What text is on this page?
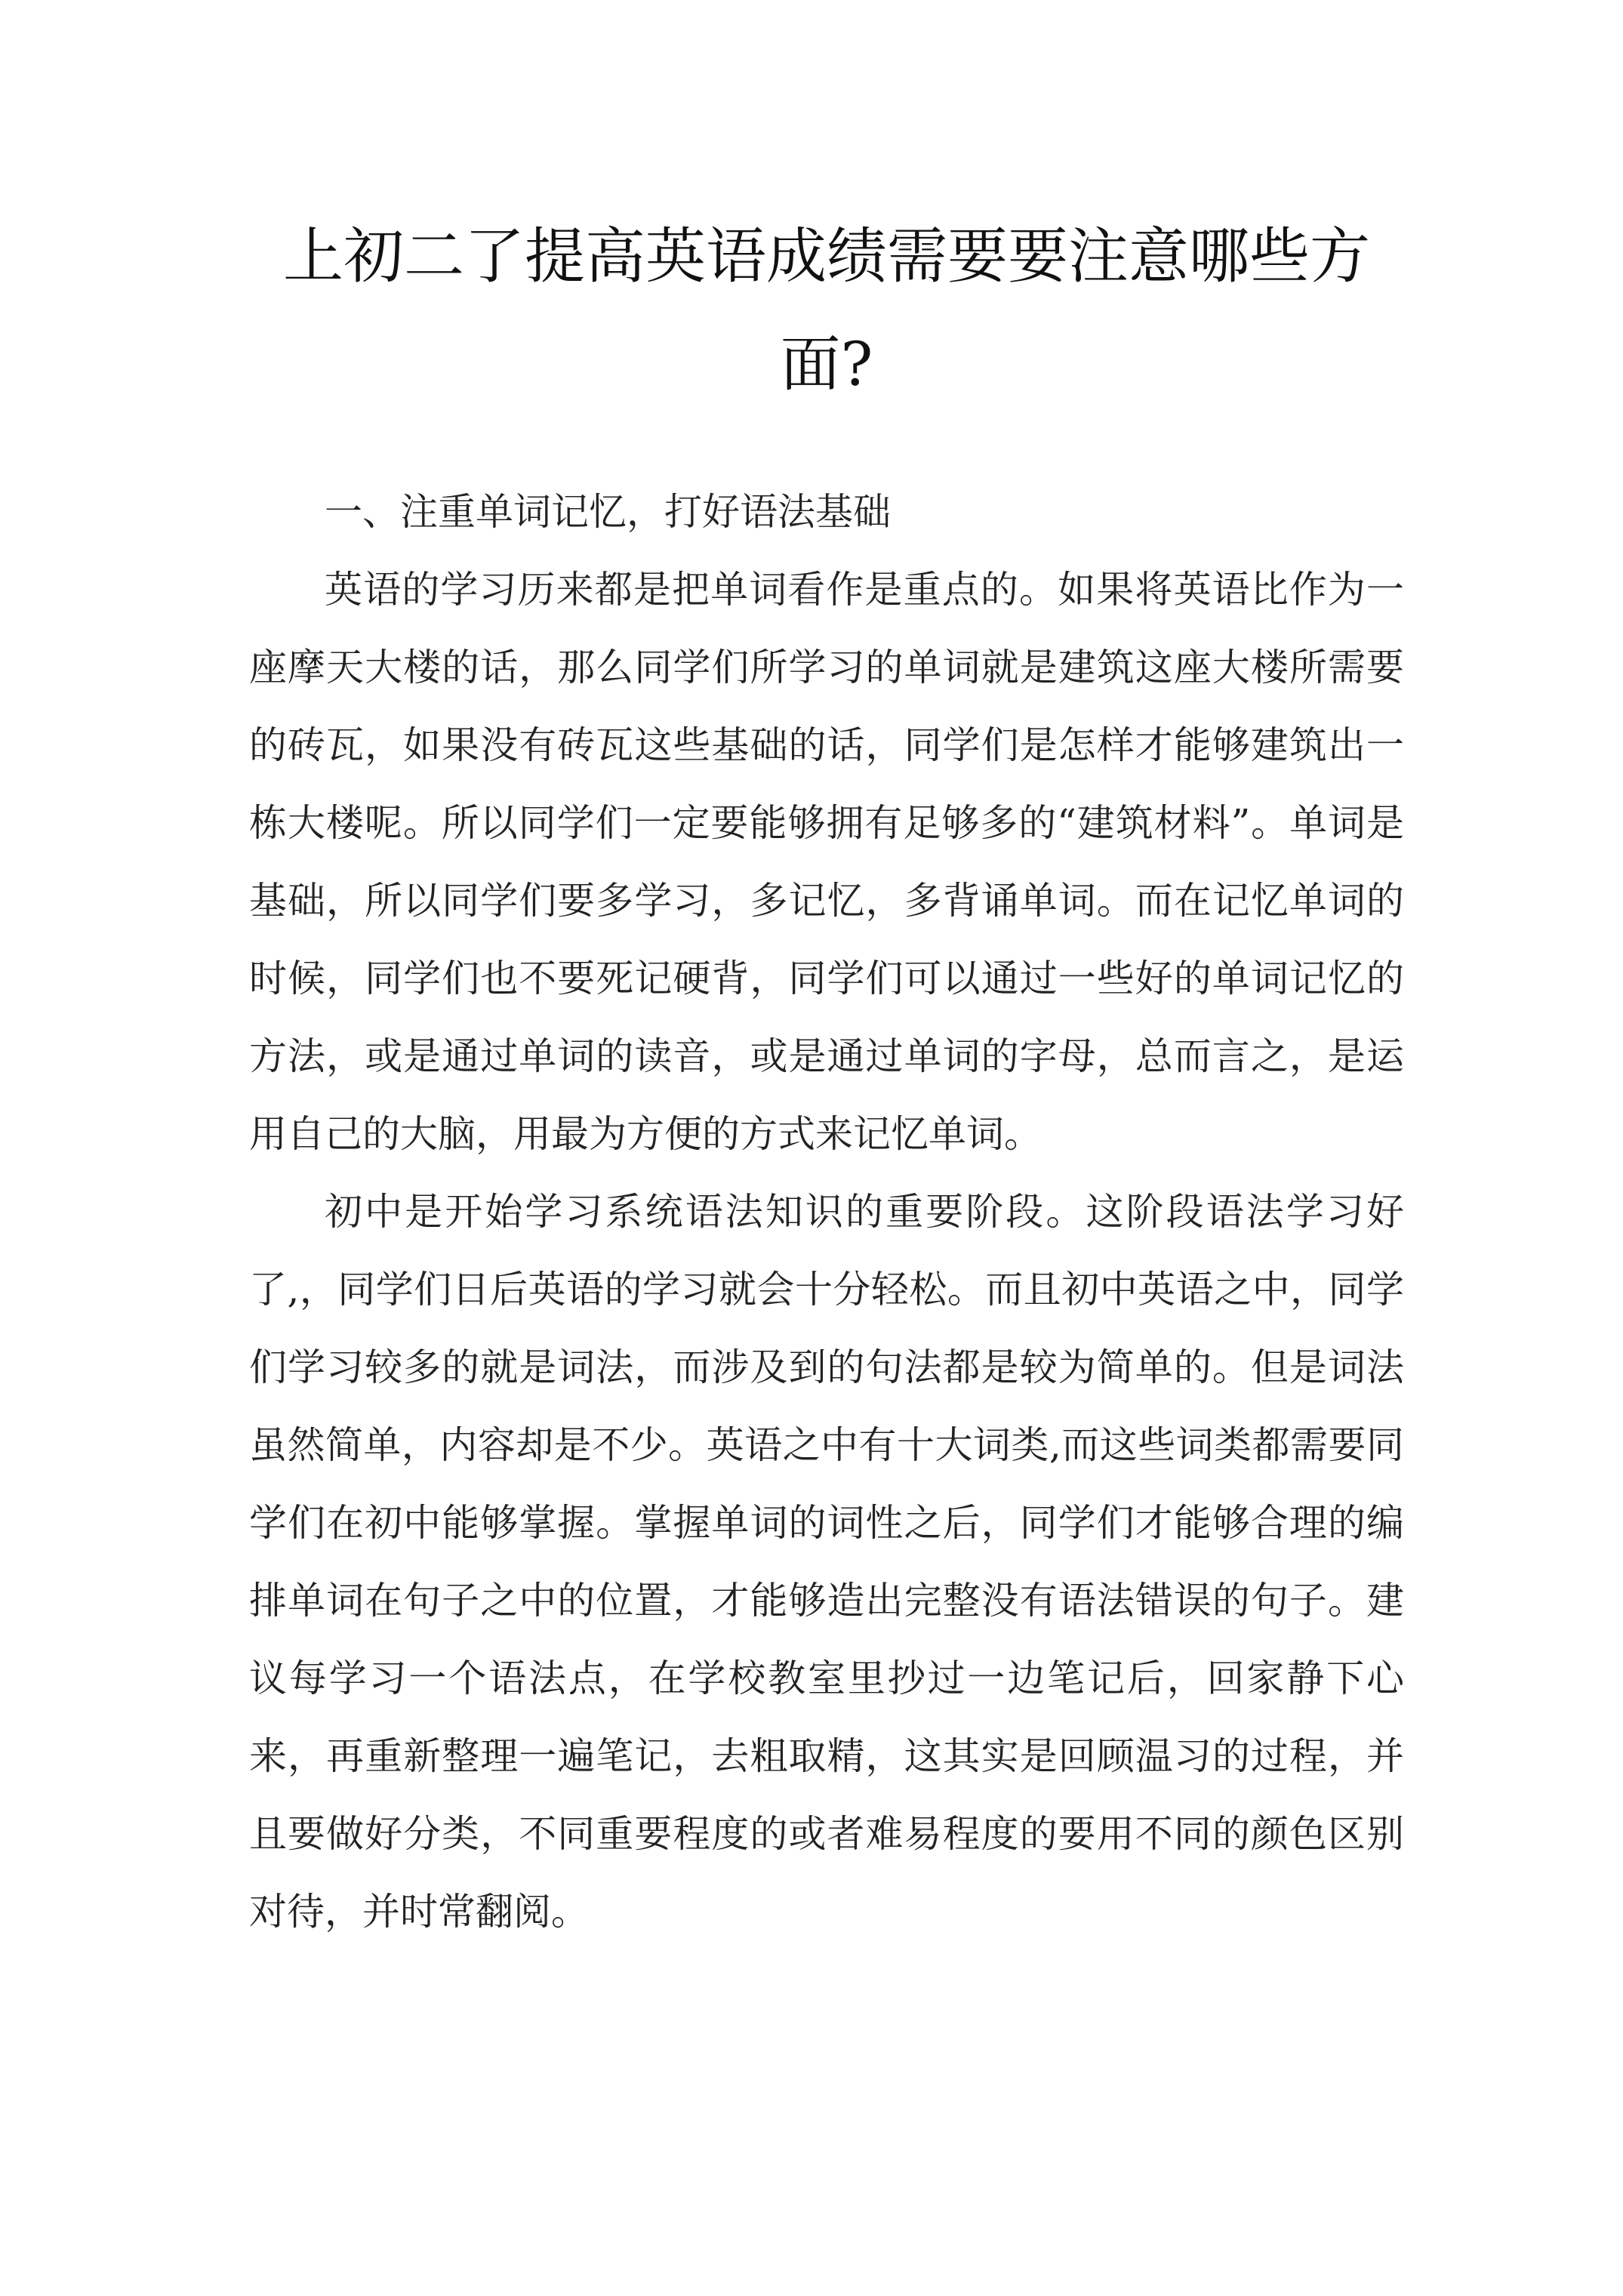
上初二了提高英语成绩需要要注意哪些方面?

一、注重单词记忆，打好语法基础

英语的学习历来都是把单词看作是重点的。如果将英语比作为一座摩天大楼的话，那么同学们所学习的单词就是建筑这座大楼所需要的砖瓦，如果没有砖瓦这些基础的话，同学们是怎样才能够建筑出一栋大楼呢。所以同学们一定要能够拥有足够多的“建筑材料”。单词是基础，所以同学们要多学习，多记忆，多背诵单词。而在记忆单词的时候，同学们也不要死记硬背，同学们可以通过一些好的单词记忆的方法，或是通过单词的读音，或是通过单词的字母，总而言之，是运用自己的大脑，用最为方便的方式来记忆单词。

初中是开始学习系统语法知识的重要阶段。这阶段语法学习好了,，同学们日后英语的学习就会十分轻松。而且初中英语之中，同学们学习较多的就是词法，而涉及到的句法都是较为简单的。但是词法虽然简单，内容却是不少。英语之中有十大词类,而这些词类都需要同学们在初中能够掌握。掌握单词的词性之后，同学们才能够合理的编排单词在句子之中的位置，才能够造出完整没有语法错误的句子。建议每学习一个语法点，在学校教室里抄过一边笔记后，回家静下心来，再重新整理一遍笔记，去粗取精，这其实是回顾温习的过程，并且要做好分类，不同重要程度的或者难易程度的要用不同的颜色区别对待，并时常翻阅。
